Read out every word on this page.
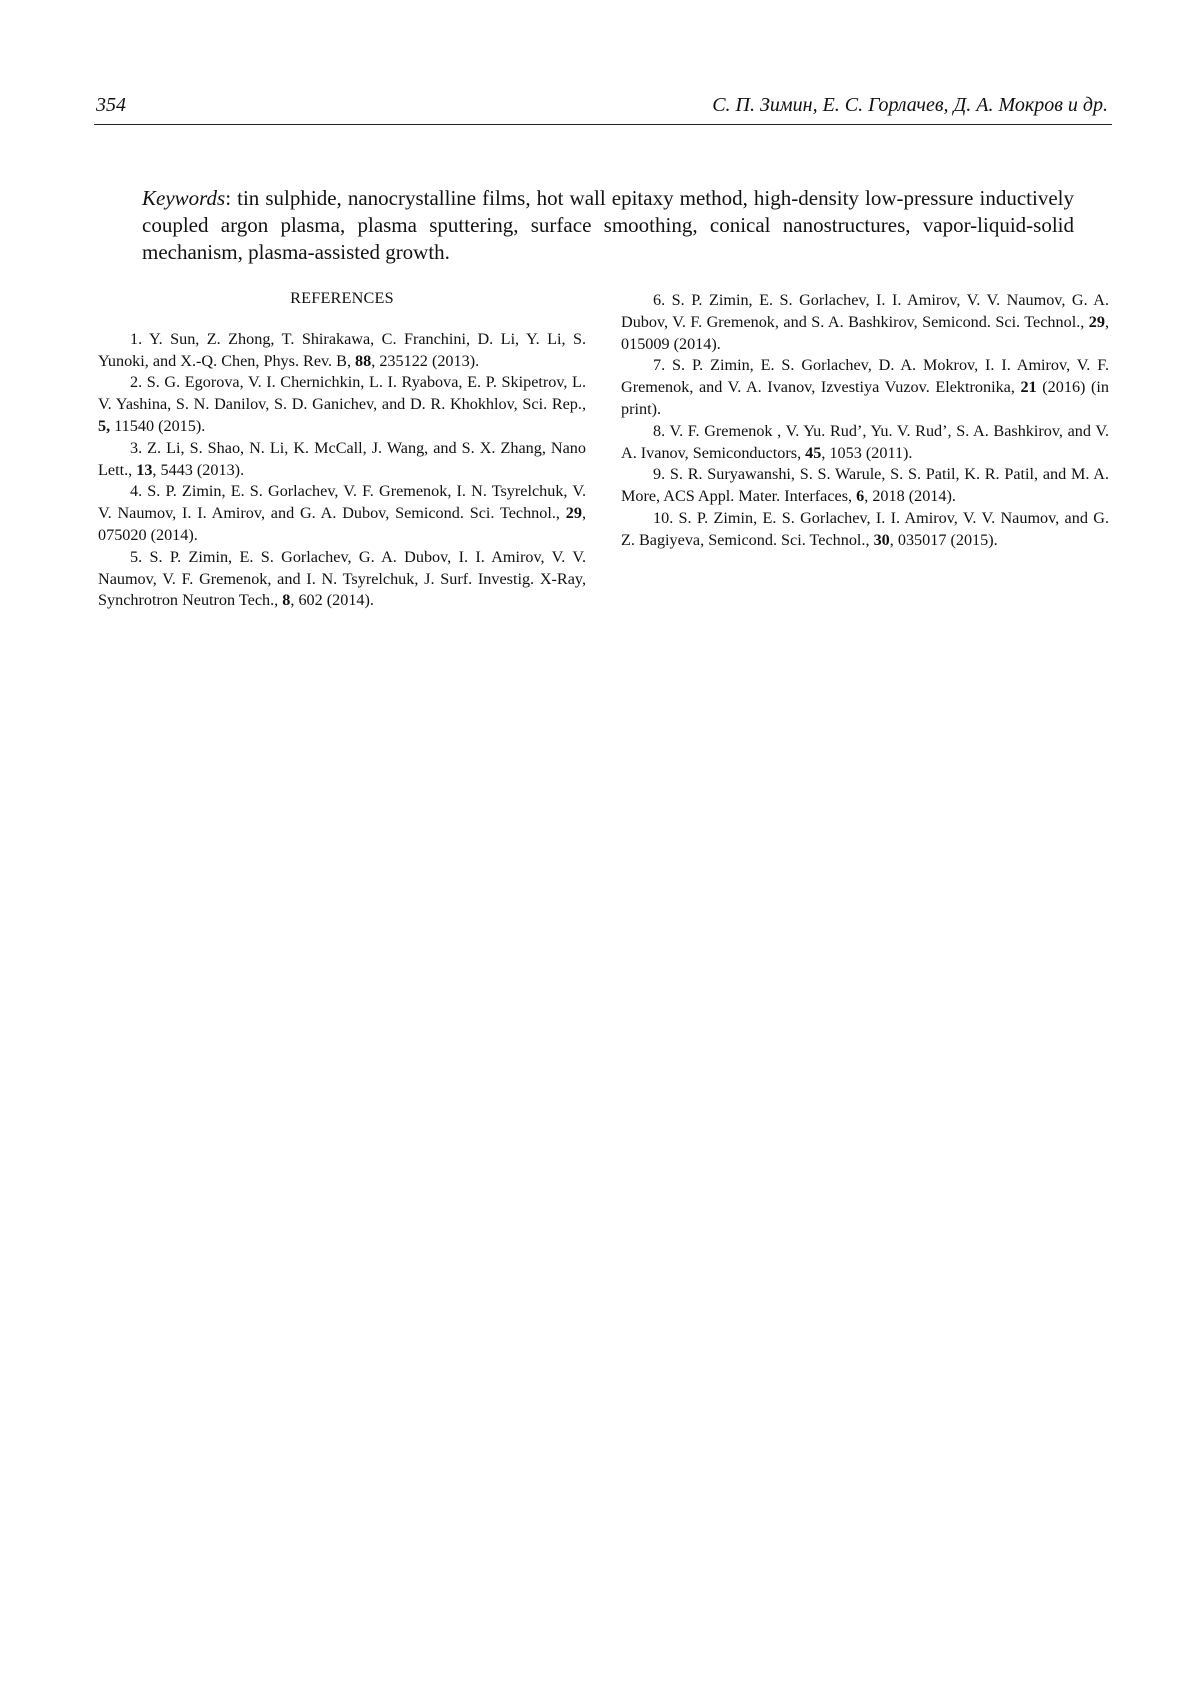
354	С. П. Зимин, Е. С. Горлачев, Д. А. Мокров и др.

Keywords: tin sulphide, nanocrystalline films, hot wall epitaxy method, high-density low-pressure inductively coupled argon plasma, plasma sputtering, surface smoothing, conical nanostructures, vapor-liquid-solid mechanism, plasma-assisted growth.

REFERENCES

1. Y. Sun, Z. Zhong, T. Shirakawa, C. Franchini, D. Li, Y. Li, S. Yunoki, and X.-Q. Chen, Phys. Rev. B, 88, 235122 (2013).

2. S. G. Egorova, V. I. Chernichkin, L. I. Ryabova, E. P. Skipetrov, L. V. Yashina, S. N. Danilov, S. D. Ganichev, and D. R. Khokhlov, Sci. Rep., 5, 11540 (2015).

3. Z. Li, S. Shao, N. Li, K. McCall, J. Wang, and S. X. Zhang, Nano Lett., 13, 5443 (2013).

4. S. P. Zimin, E. S. Gorlachev, V. F. Gremenok, I. N. Tsyrelchuk, V. V. Naumov, I. I. Amirov, and G. A. Dubov, Semicond. Sci. Technol., 29, 075020 (2014).

5. S. P. Zimin, E. S. Gorlachev, G. A. Dubov, I. I. Amirov, V. V. Naumov, V. F. Gremenok, and I. N. Tsyrelchuk, J. Surf. Investig. X-Ray, Synchrotron Neutron Tech., 8, 602 (2014).

6. S. P. Zimin, E. S. Gorlachev, I. I. Amirov, V. V. Naumov, G. A. Dubov, V. F. Gremenok, and S. A. Bashkirov, Semicond. Sci. Technol., 29, 015009 (2014).

7. S. P. Zimin, E. S. Gorlachev, D. A. Mokrov, I. I. Amirov, V. F. Gremenok, and V. A. Ivanov, Izvestiya Vuzov. Elektronika, 21 (2016) (in print).

8. V. F. Gremenok , V. Yu. Rud’, Yu. V. Rud’, S. A. Bashkirov, and V. A. Ivanov, Semiconductors, 45, 1053 (2011).

9. S. R. Suryawanshi, S. S. Warule, S. S. Patil, K. R. Patil, and M. A. More, ACS Appl. Mater. Interfaces, 6, 2018 (2014).

10. S. P. Zimin, E. S. Gorlachev, I. I. Amirov, V. V. Naumov, and G. Z. Bagiyeva, Semicond. Sci. Technol., 30, 035017 (2015).
